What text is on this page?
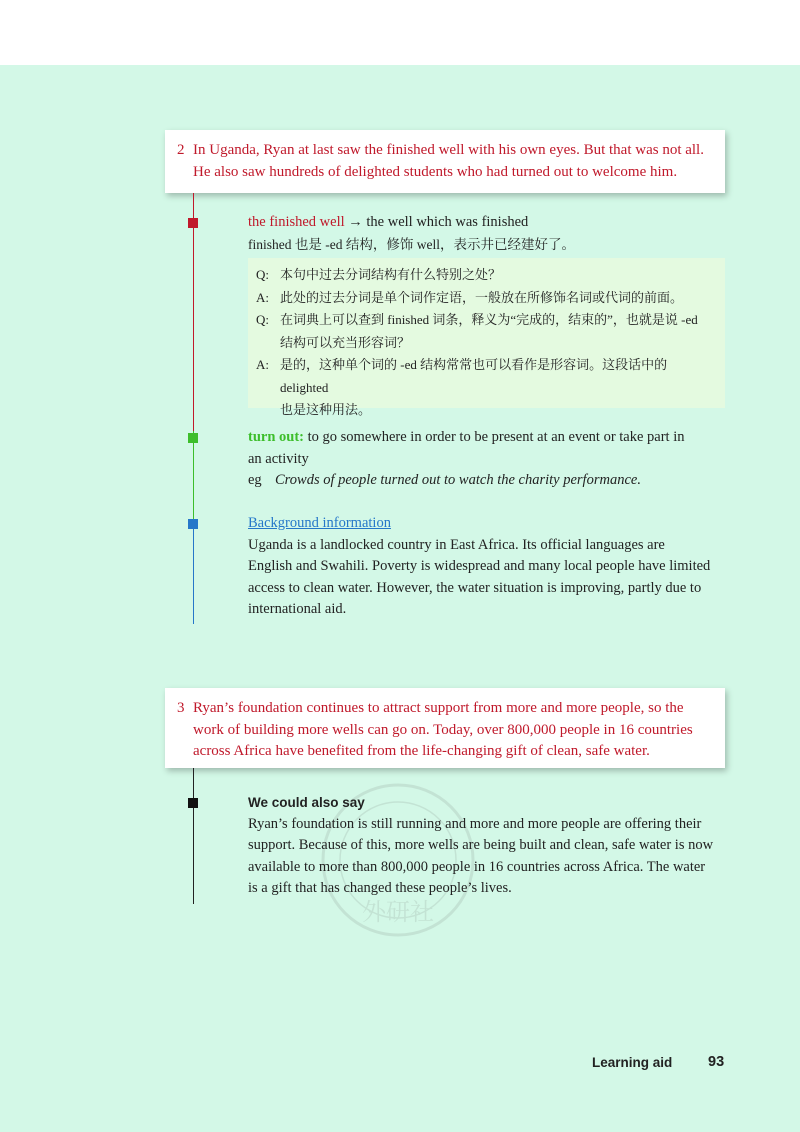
2 In Uganda, Ryan at last saw the finished well with his own eyes. But that was not all.
He also saw hundreds of delighted students who had turned out to welcome him.
the finished well → the well which was finished
finished 也是 -ed 结构，修饰 well，表示井已经建好了。
Q: 本句中过去分词结构有什么特别之处？
A: 此处的过去分词是单个词作定语，一般放在所修饰名词或代词的前面。
Q: 在词典上可以查到 finished 词条，释义为“完成的，结束的”，也就是说 -ed
结构可以充当形容词？
A: 是的，这种单个词的 -ed 结构常常也可以看作是形容词。这段话中的 delighted
也是这种用法。
turn out: to go somewhere in order to be present at an event or take part in
an activity
eg Crowds of people turned out to watch the charity performance.
Background information
Uganda is a landlocked country in East Africa. Its official languages are
English and Swahili. Poverty is widespread and many local people have limited
access to clean water. However, the water situation is improving, partly due to
international aid.
3 Ryan’s foundation continues to attract support from more and more people, so the
work of building more wells can go on. Today, over 800,000 people in 16 countries
across Africa have benefited from the life-changing gift of clean, safe water.
外研社
We could also say
Ryan’s foundation is still running and more and more people are offering their
support. Because of this, more wells are being built and clean, safe water is now
available to more than 800,000 people in 16 countries across Africa. The water
is a gift that has changed these people’s lives.
Learning aid 93
